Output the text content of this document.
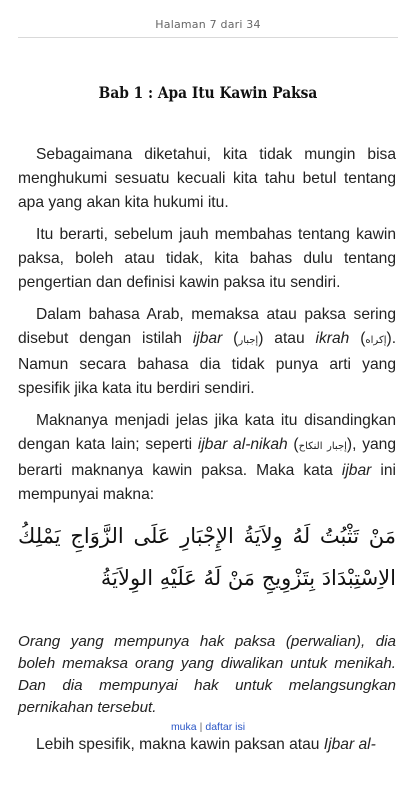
Halaman 7 dari 34
Bab 1 : Apa Itu Kawin Paksa

Sebagaimana diketahui, kita tidak mungin bisa menghukumi sesuatu kecuali kita tahu betul tentang apa yang akan kita hukumi itu.

Itu berarti, sebelum jauh membahas tentang kawin paksa, boleh atau tidak, kita bahas dulu tentang pengertian dan definisi kawin paksa itu sendiri.

Dalam bahasa Arab, memaksa atau paksa sering disebut dengan istilah ijbar (إجبار) atau ikrah (إكراه). Namun secara bahasa dia tidak punya arti yang spesifik jika kata itu berdiri sendiri.

Maknanya menjadi jelas jika kata itu disandingkan dengan kata lain; seperti ijbar al-nikah (إجبار النكاح), yang berarti maknanya kawin paksa. Maka kata ijbar ini mempunyai makna:

مَنْ تَثْبُتُ لَهُ وِلاَيَةُ الإِجْبَارِ عَلَى الزَّوَاجِ يَمْلِكُ الاِسْتِبْدَادَ بِتَزْوِيجِ مَنْ لَهُ عَلَيْهِ الوِلاَيَةُ

Orang yang mempunya hak paksa (perwalian), dia boleh memaksa orang yang diwalikan untuk menikah. Dan dia mempunyai hak untuk melangsungkan pernikahan tersebut.

Lebih spesifik, makna kawin paksan atau Ijbar al-

muka | daftar isi
